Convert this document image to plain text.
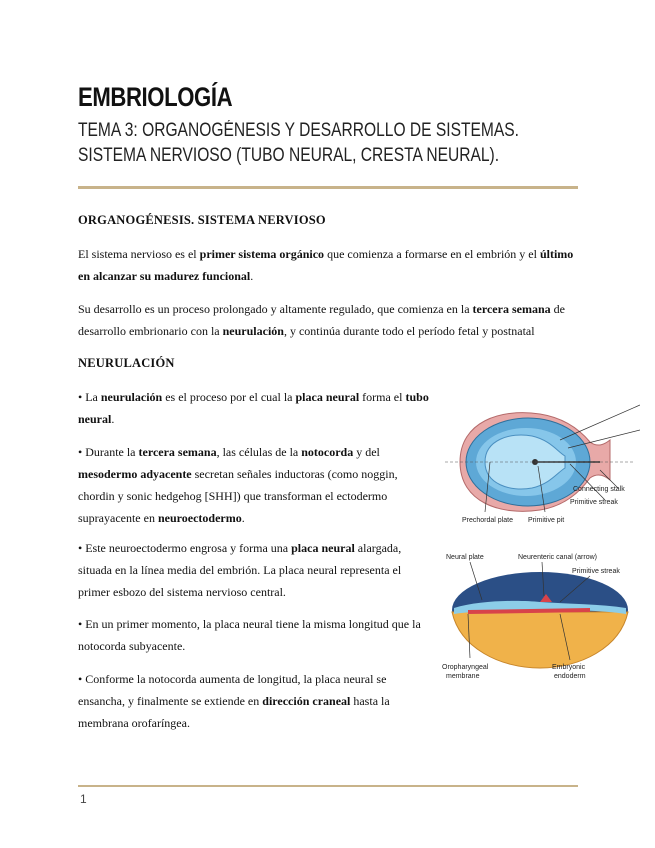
EMBRIOLOGÍA
TEMA 3: ORGANOGÉNESIS Y DESARROLLO DE SISTEMAS. SISTEMA NERVIOSO (TUBO NEURAL, CRESTA NEURAL).
ORGANOGÉNESIS. SISTEMA NERVIOSO

El sistema nervioso es el primer sistema orgánico que comienza a formarse en el embrión y el último en alcanzar su madurez funcional.

Su desarrollo es un proceso prolongado y altamente regulado, que comienza en la tercera semana de desarrollo embrionario con la neurulación, y continúa durante todo el período fetal y postnatal

NEURULACIÓN

• La neurulación es el proceso por el cual la placa neural forma el tubo neural.

• Durante la tercera semana, las células de la notocorda y del mesodermo adyacente secretan señales inductoras (como noggin, chordin y sonic hedgehog [SHH]) que transforman el ectodermo suprayacente en neuroectodermo.

• Este neuroectodermo engrosa y forma una placa neural alargada, situada en la línea media del embrión. La placa neural representa el primer esbozo del sistema nervioso central.

• En un primer momento, la placa neural tiene la misma longitud que la notocorda subyacente.

• Conforme la notocorda aumenta de longitud, la placa neural se ensancha, y finalmente se extiende en dirección craneal hasta la membrana orofaríngea.

Connecting stalk
Primitive streak
Prechordal plate Primitive pit
Neural plate	Neurenteric canal (arrow)
Primitive streak
Oropharyngeal
membrane
Embryonic
endoderm
1
